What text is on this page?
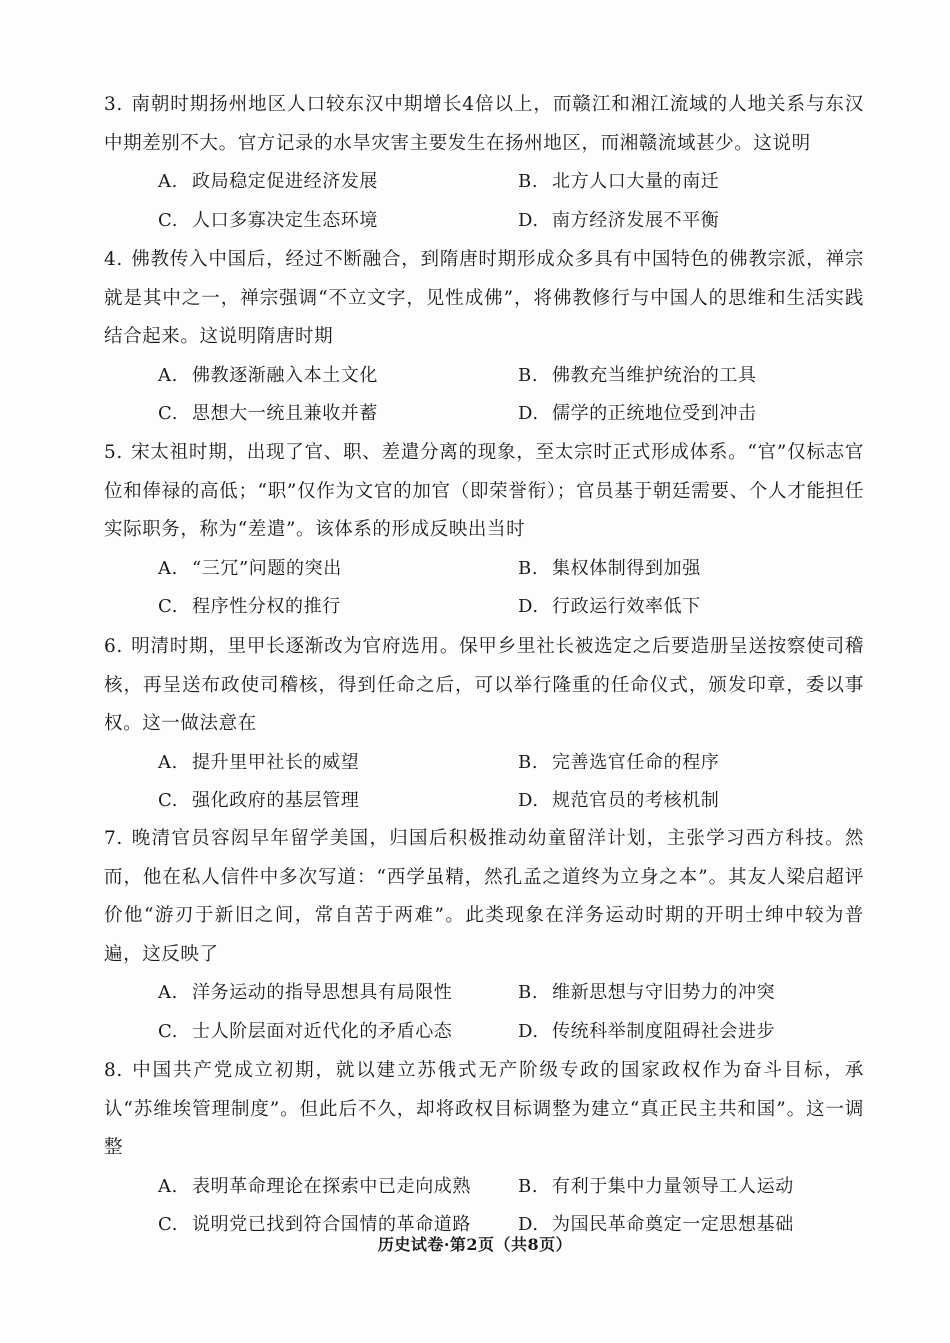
3. 南朝时期扬州地区人口较东汉中期增长4倍以上，而赣江和湘江流域的人地关系与东汉中期差别不大。官方记录的水旱灾害主要发生在扬州地区，而湘赣流域甚少。这说明
A. 政局稳定促进经济发展	B. 北方人口大量的南迁
C. 人口多寡决定生态环境	D. 南方经济发展不平衡
4. 佛教传入中国后，经过不断融合，到隋唐时期形成众多具有中国特色的佛教宗派，禅宗就是其中之一，禅宗强调“不立文字，见性成佛”，将佛教修行与中国人的思维和生活实践结合起来。这说明隋唐时期
A. 佛教逐渐融入本土文化	B. 佛教充当维护统治的工具
C. 思想大一统且兼收并蓄	D. 儒学的正统地位受到冲击
5. 宋太祖时期，出现了官、职、差遣分离的现象，至太宗时正式形成体系。“官”仅标志官位和俸禄的高低；“职”仅作为文官的加官（即荣誉衔）；官员基于朝廷需要、个人才能担任实际职务，称为“差遣”。该体系的形成反映出当时
A. “三冗”问题的突出	B. 集权体制得到加强
C. 程序性分权的推行	D. 行政运行效率低下
6. 明清时期，里甲长逐渐改为官府选用。保甲乡里社长被选定之后要造册呈送按察使司稽核，再呈送布政使司稽核，得到任命之后，可以举行隆重的任命仪式，颁发印章，委以事权。这一做法意在
A. 提升里甲社长的威望	B. 完善选官任命的程序
C. 强化政府的基层管理	D. 规范官员的考核机制
7. 晚清官员容闳早年留学美国，归国后积极推动幼童留洋计划，主张学习西方科技。然而，他在私人信件中多次写道：“西学虽精，然孔孟之道终为立身之本”。其友人梁启超评价他“游刃于新旧之间，常自苦于两难”。此类现象在洋务运动时期的开明士绅中较为普遍，这反映了
A. 洋务运动的指导思想具有局限性	B. 维新思想与守旧势力的冲突
C. 士人阶层面对近代化的矛盾心态	D. 传统科举制度阻碍社会进步
8. 中国共产党成立初期，就以建立苏俄式无产阶级专政的国家政权作为奋斗目标，承认“苏维埃管理制度”。但此后不久，却将政权目标调整为建立“真正民主共和国”。这一调整
A. 表明革命理论在探索中已走向成熟	B. 有利于集中力量领导工人运动
C. 说明党已找到符合国情的革命道路	D. 为国民革命奠定一定思想基础
历史试卷·第2页（共8页）
